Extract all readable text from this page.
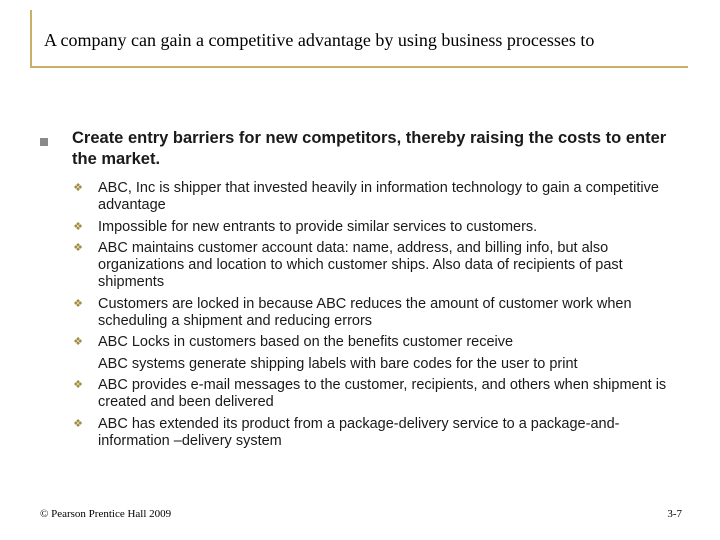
A company can gain a competitive advantage by using business processes to

Create entry barriers for new competitors, thereby raising the costs to enter the market.

❖ ABC, Inc is shipper that invested heavily in information technology to gain a competitive advantage
❖ Impossible for new entrants to provide similar services to customers.
❖ ABC maintains customer account data: name, address, and billing info, but also organizations and location to which customer ships. Also data of recipients of past shipments
❖ Customers are locked in because ABC reduces the amount of customer work when scheduling a shipment and reducing errors
❖ ABC Locks in customers based on the benefits customer receive
ABC systems generate shipping labels with bare codes for the user to print
❖ ABC provides e-mail messages to the customer, recipients, and others when shipment is created and been delivered
❖ ABC has extended its product from a package-delivery service to a package-and-information –delivery system
© Pearson Prentice Hall 2009	3-7
